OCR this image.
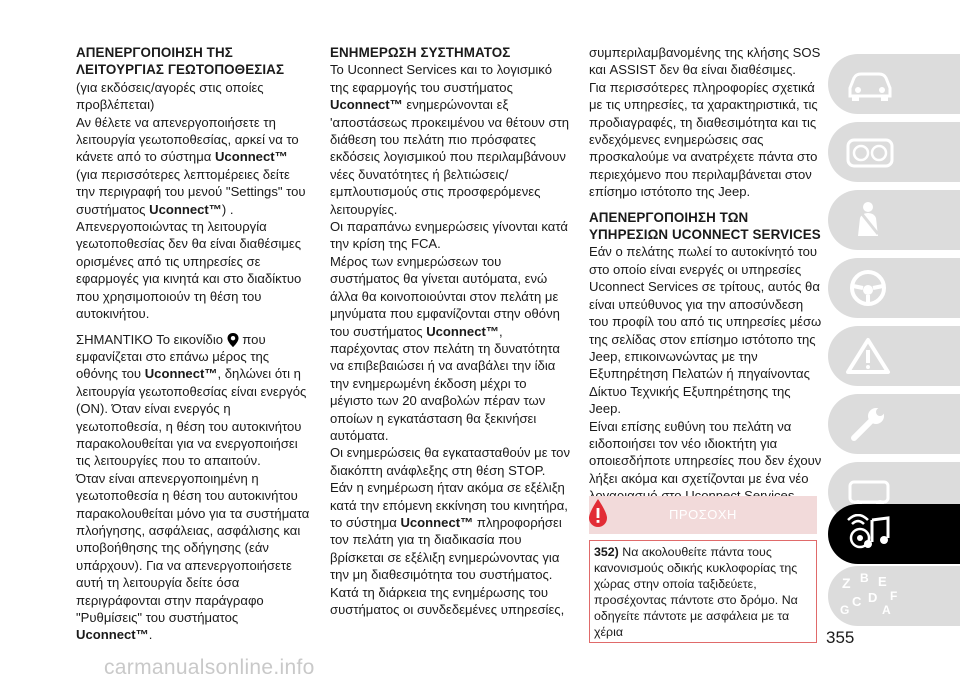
ΑΠΕΝΕΡΓΟΠΟΙΗΣΗ ΤΗΣ ΛΕΙΤΟΥΡΓΙΑΣ ΓΕΩΤΟΠΟΘΕΣΙΑΣ

(για εκδόσεις/αγορές στις οποίες προβλέπεται)

Αν θέλετε να απενεργοποιήσετε τη λειτουργία γεωτοποθεσίας, αρκεί να το κάνετε από το σύστημα Uconnect™ (για περισσότερες λεπτομέρειες δείτε την περιγραφή του μενού "Settings" του συστήματος Uconnect™) .

Απενεργοποιώντας τη λειτουργία γεωτοποθεσίας δεν θα είναι διαθέσιμες ορισμένες από τις υπηρεσίες σε εφαρμογές για κινητά και στο διαδίκτυο που χρησιμοποιούν τη θέση του αυτοκινήτου.

ΣΗΜΑΝΤΙΚΟ Το εικονίδιο  που εμφανίζεται στο επάνω μέρος της οθόνης του Uconnect™, δηλώνει ότι η λειτουργία γεωτοποθεσίας είναι ενεργός (ON). Όταν είναι ενεργός η γεωτοποθεσία, η θέση του αυτοκινήτου παρακολουθείται για να ενεργοποιήσει τις λειτουργίες που το απαιτούν.

Όταν είναι απενεργοποιημένη η γεωτοποθεσία η θέση του αυτοκινήτου παρακολουθείται μόνο για τα συστήματα πλοήγησης, ασφάλειας, ασφάλισης και υποβοήθησης της οδήγησης (εάν υπάρχουν). Για να απενεργοποιήσετε αυτή τη λειτουργία δείτε όσα περιγράφονται στην παράγραφο "Ρυθμίσεις" του συστήματος Uconnect™.

ΕΝΗΜΕΡΩΣΗ ΣΥΣΤΗΜΑΤΟΣ

Το Uconnect Services και το λογισμικό της εφαρμογής του συστήματος Uconnect™ ενημερώνονται εξ 'αποστάσεως προκειμένου να θέτουν στη διάθεση του πελάτη πιο πρόσφατες εκδόσεις λογισμικού που περιλαμβάνουν νέες δυνατότητες ή βελτιώσεις/εμπλουτισμούς στις προσφερόμενες λειτουργίες.

Οι παραπάνω ενημερώσεις γίνονται κατά την κρίση της FCA.

Μέρος των ενημερώσεων του συστήματος θα γίνεται αυτόματα, ενώ άλλα θα κοινοποιούνται στον πελάτη με μηνύματα που εμφανίζονται στην οθόνη του συστήματος Uconnect™, παρέχοντας στον πελάτη τη δυνατότητα να επιβεβαιώσει ή να αναβάλει την ίδια την ενημερωμένη έκδοση μέχρι το μέγιστο των 20 αναβολών πέραν των οποίων η εγκατάσταση θα ξεκινήσει αυτόματα.

Οι ενημερώσεις θα εγκατασταθούν με τον διακόπτη ανάφλεξης στη θέση STOP.

Εάν η ενημέρωση ήταν ακόμα σε εξέλιξη κατά την επόμενη εκκίνηση του κινητήρα, το σύστημα Uconnect™ πληροφορήσει τον πελάτη για τη διαδικασία που βρίσκεται σε εξέλιξη ενημερώνοντας για την μη διαθεσιμότητα του συστήματος.

Κατά τη διάρκεια της ενημέρωσης του συστήματος οι συνδεδεμένες υπηρεσίες,

συμπεριλαμβανομένης της κλήσης SOS και ASSIST δεν θα είναι διαθέσιμες.

Για περισσότερες πληροφορίες σχετικά με τις υπηρεσίες, τα χαρακτηριστικά, τις προδιαγραφές, τη διαθεσιμότητα και τις ενδεχόμενες ενημερώσεις σας προσκαλούμε να ανατρέχετε πάντα στο περιεχόμενο που περιλαμβάνεται στον επίσημο ιστότοπο της Jeep.

ΑΠΕΝΕΡΓΟΠΟΙΗΣΗ ΤΩΝ ΥΠΗΡΕΣΙΩΝ UCONNECT SERVICES

Εάν ο πελάτης πωλεί το αυτοκίνητό του στο οποίο είναι ενεργές οι υπηρεσίες Uconnect Services σε τρίτους, αυτός θα είναι υπεύθυνος για την αποσύνδεση του προφίλ του από τις υπηρεσίες μέσω της σελίδας στον επίσημο ιστότοπο της Jeep, επικοινωνώντας με την Εξυπηρέτηση Πελατών ή πηγαίνοντας Δίκτυο Τεχνικής Εξυπηρέτησης της Jeep.

Είναι επίσης ευθύνη του πελάτη να ειδοποιήσει τον νέο ιδιοκτήτη για οποιεσδήποτε υπηρεσίες που δεν έχουν λήξει ακόμα και σχετίζονται με ένα νέο

ΠΡΟΣΟΧΗ
352) Να ακολουθείτε πάντα τους κανονισμούς οδικής κυκλοφορίας της χώρας στην οποία ταξιδεύετε, προσέχοντας πάντοτε στο δρόμο. Να οδηγείτε πάντοτε με ασφάλεια με τα χέρια
Z B E
C D F
G	A
355
carmanualsonline.info
